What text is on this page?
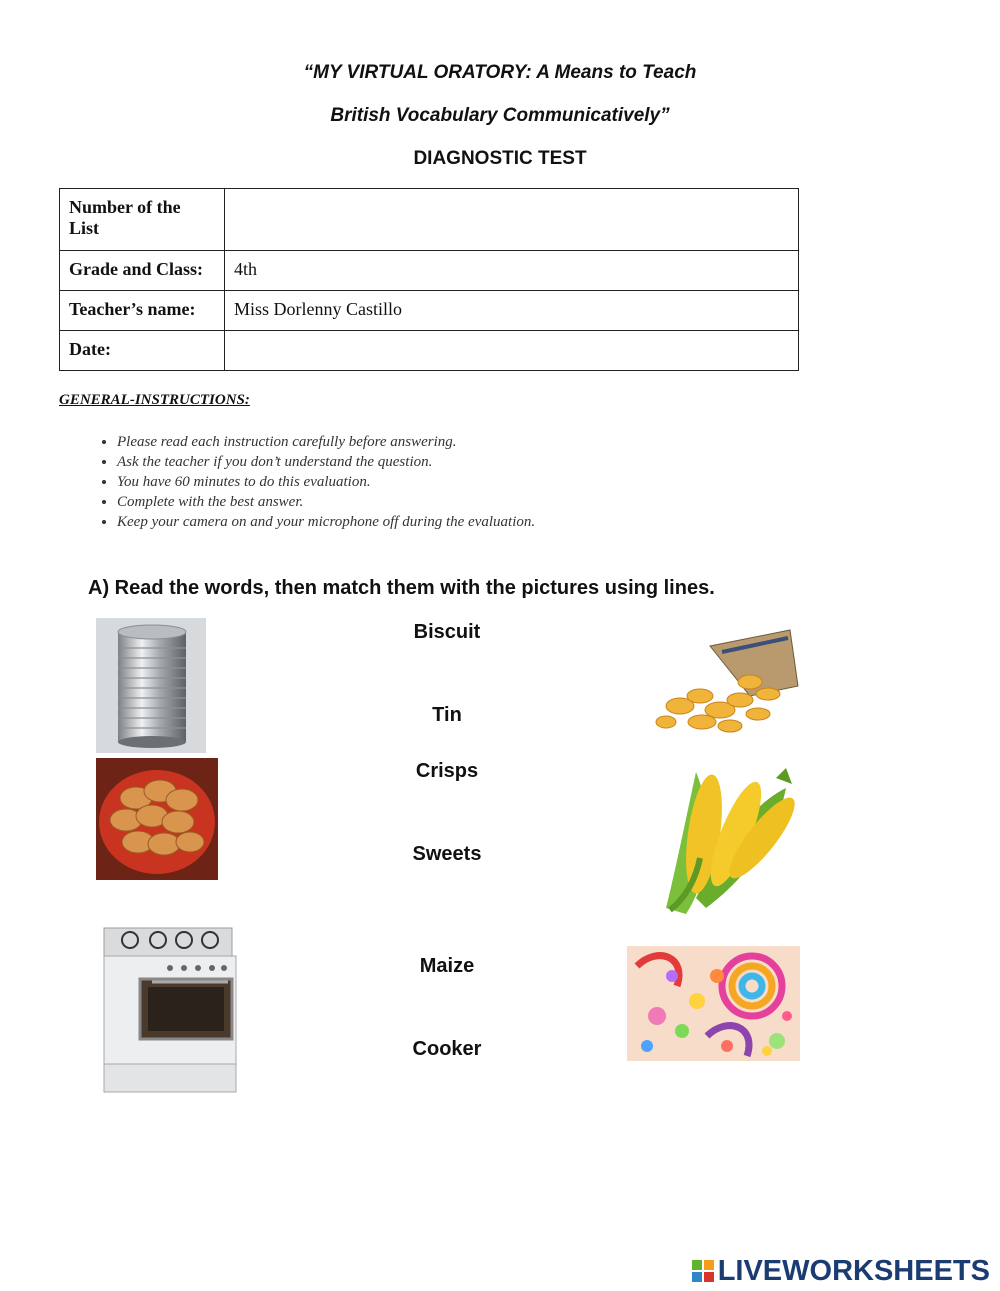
“MY VIRTUAL ORATORY: A Means to Teach
British Vocabulary Communicatively”
DIAGNOSTIC TEST
Number of the List	
Grade and Class:	4th
Teacher’s name:	Miss Dorlenny Castillo
Date:	
GENERAL-INSTRUCTIONS:
• Please read each instruction carefully before answering.
• Ask the teacher if you don’t understand the question.
• You have 60 minutes to do this evaluation.
• Complete with the best answer.
• Keep your camera on and your microphone off during the evaluation.
A) Read the words, then match them with the pictures using lines.
Biscuit
Tin
Crisps
Sweets
Maize
Cooker
LIVEWORKSHEETS
